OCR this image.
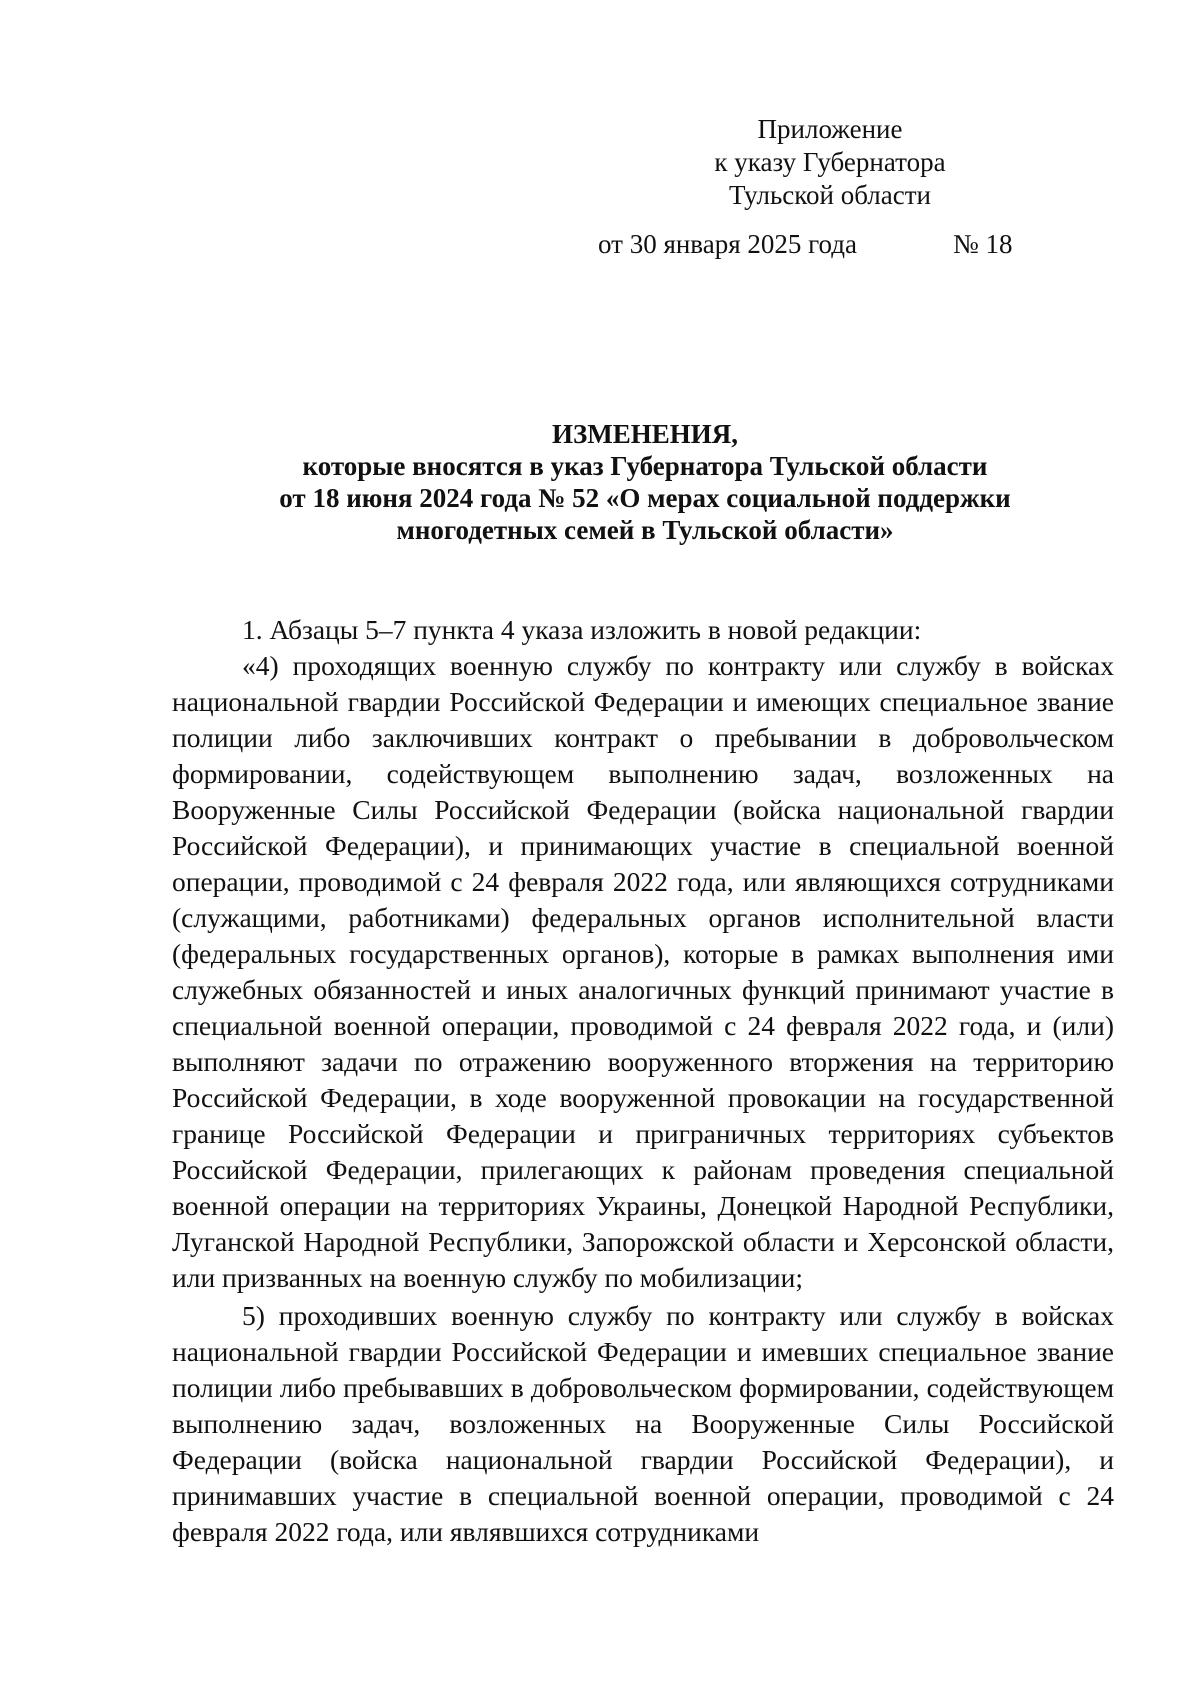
Приложение
к указу Губернатора
Тульской области
от 30 января 2025 года	№ 18
ИЗМЕНЕНИЯ,
которые вносятся в указ Губернатора Тульской области
от 18 июня 2024 года № 52 «О мерах социальной поддержки
многодетных семей в Тульской области»

1. Абзацы 5–7 пункта 4 указа изложить в новой редакции:

«4) проходящих военную службу по контракту или службу в войсках национальной гвардии Российской Федерации и имеющих специальное звание полиции либо заключивших контракт о пребывании в добровольческом формировании, содействующем выполнению задач, возложенных на Вооруженные Силы Российской Федерации (войска национальной гвардии Российской Федерации), и принимающих участие в специальной военной операции, проводимой с 24 февраля 2022 года, или являющихся сотрудниками (служащими, работниками) федеральных органов исполнительной власти (федеральных государственных органов), которые в рамках выполнения ими служебных обязанностей и иных аналогичных функций принимают участие в специальной военной операции, проводимой с 24 февраля 2022 года, и (или) выполняют задачи по отражению вооруженного вторжения на территорию Российской Федерации, в ходе вооруженной провокации на государственной границе Российской Федерации и приграничных территориях субъектов Российской Федерации, прилегающих к районам проведения специальной военной операции на территориях Украины, Донецкой Народной Республики, Луганской Народной Республики, Запорожской области и Херсонской области, или призванных на военную службу по мобилизации;

5) проходивших военную службу по контракту или службу в войсках национальной гвардии Российской Федерации и имевших специальное звание полиции либо пребывавших в добровольческом формировании, содействующем выполнению задач, возложенных на Вооруженные Силы Российской Федерации (войска национальной гвардии Российской Федерации), и принимавших участие в специальной военной операции, проводимой с 24 февраля 2022 года, или являвшихся сотрудниками
